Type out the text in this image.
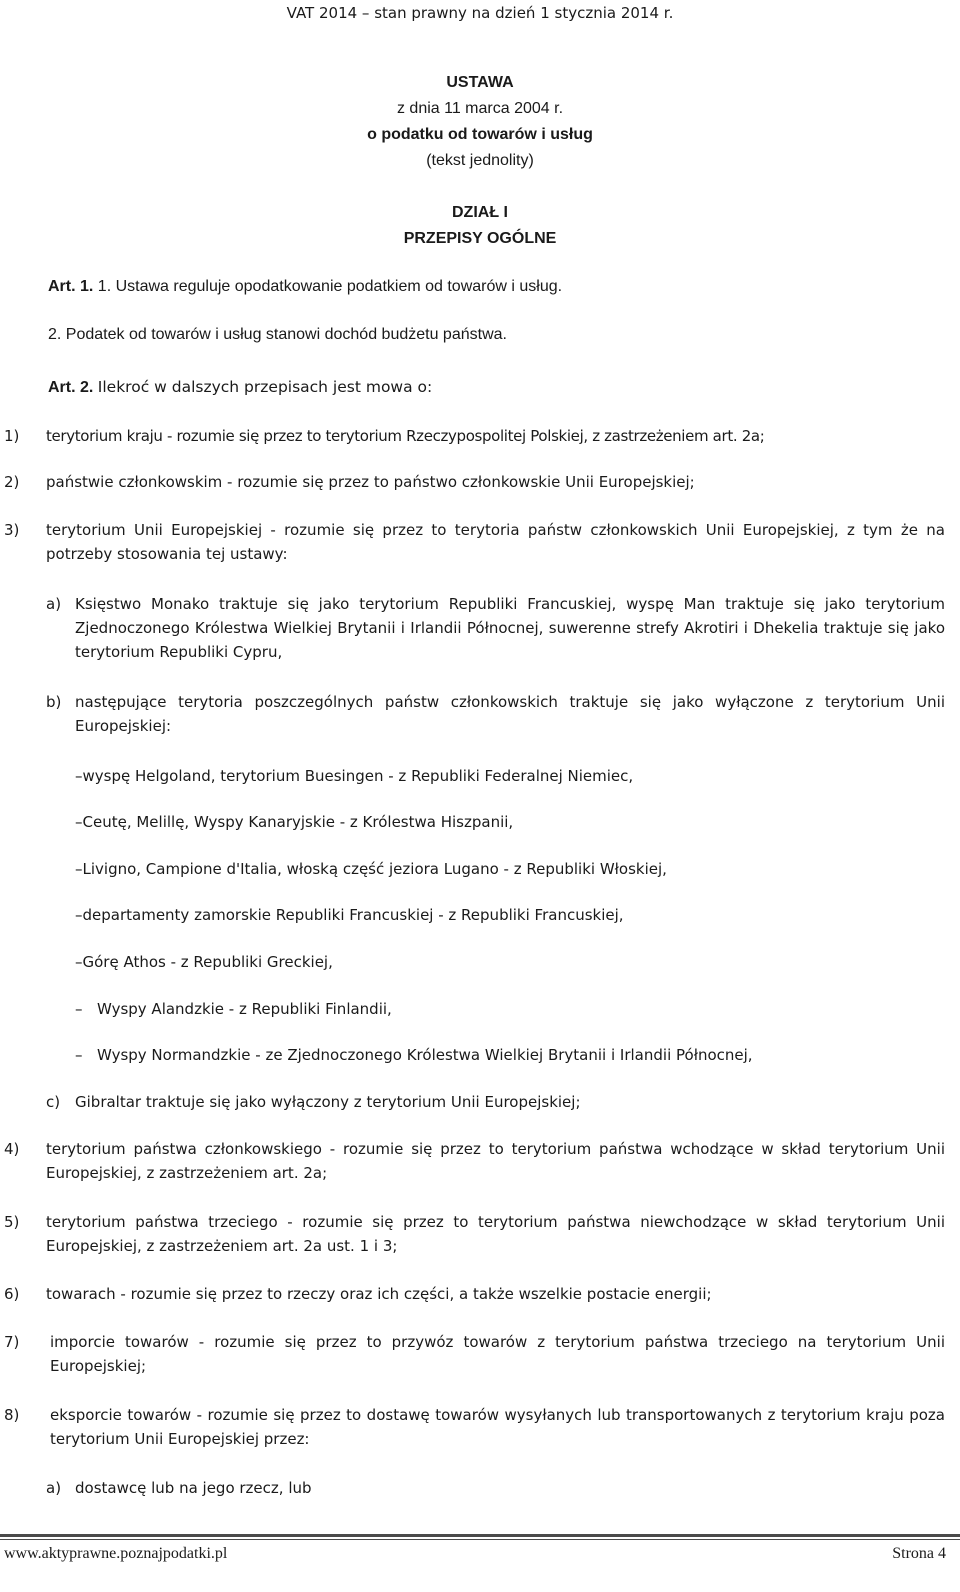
VAT 2014 – stan prawny na dzień 1 stycznia 2014 r.
USTAWA
z dnia 11 marca 2004 r.
o podatku od towarów i usług
(tekst jednolity)
DZIAŁ I
PRZEPISY OGÓLNE
Art. 1. 1. Ustawa reguluje opodatkowanie podatkiem od towarów i usług.
2. Podatek od towarów i usług stanowi dochód budżetu państwa.
Art. 2. Ilekroć w dalszych przepisach jest mowa o:
1)	terytorium kraju - rozumie się przez to terytorium Rzeczypospolitej Polskiej, z zastrzeżeniem art. 2a;
2)	państwie członkowskim - rozumie się przez to państwo członkowskie Unii Europejskiej;
3)	terytorium Unii Europejskiej - rozumie się przez to terytoria państw członkowskich Unii Europejskiej, z tym że na potrzeby stosowania tej ustawy:
a) Księstwo Monako traktuje się jako terytorium Republiki Francuskiej, wyspę Man traktuje się jako terytorium Zjednoczonego Królestwa Wielkiej Brytanii i Irlandii Północnej, suwerenne strefy Akrotiri i Dhekelia traktuje się jako terytorium Republiki Cypru,
b) następujące terytoria poszczególnych państw członkowskich traktuje się jako wyłączone z terytorium Unii Europejskiej:
–wyspę Helgoland, terytorium Buesingen - z Republiki Federalnej Niemiec,
–Ceutę, Melillę, Wyspy Kanaryjskie - z Królestwa Hiszpanii,
–Livigno, Campione d'Italia, włoską część jeziora Lugano - z Republiki Włoskiej,
–departamenty zamorskie Republiki Francuskiej - z Republiki Francuskiej,
–Górę Athos - z Republiki Greckiej,
– Wyspy Alandzkie - z Republiki Finlandii,
– Wyspy Normandzkie - ze Zjednoczonego Królestwa Wielkiej Brytanii i Irlandii Północnej,
c) Gibraltar traktuje się jako wyłączony z terytorium Unii Europejskiej;
4)	terytorium państwa członkowskiego - rozumie się przez to terytorium państwa wchodzące w skład terytorium Unii Europejskiej, z zastrzeżeniem art. 2a;
5)	terytorium państwa trzeciego - rozumie się przez to terytorium państwa niewchodzące w skład terytorium Unii Europejskiej, z zastrzeżeniem art. 2a ust. 1 i 3;
6)	towarach - rozumie się przez to rzeczy oraz ich części, a także wszelkie postacie energii;
7)	imporcie towarów - rozumie się przez to przywóz towarów z terytorium państwa trzeciego na terytorium Unii Europejskiej;
8)	eksporcie towarów - rozumie się przez to dostawę towarów wysyłanych lub transportowanych z terytorium kraju poza terytorium Unii Europejskiej przez:
a) dostawcę lub na jego rzecz, lub
www.aktyprawne.poznajpodatki.pl	Strona 4
